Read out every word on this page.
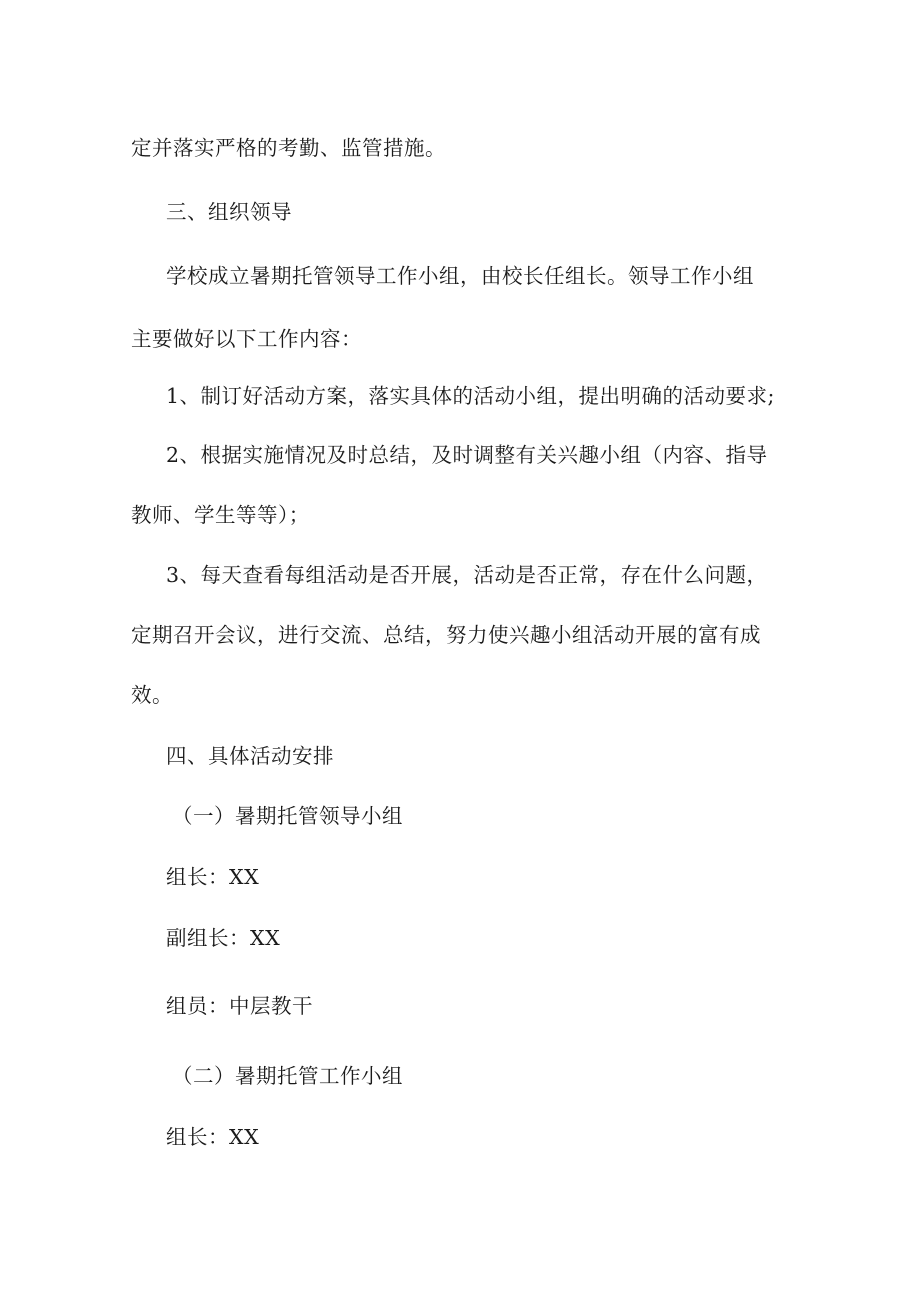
定并落实严格的考勤、监管措施。
三、组织领导
学校成立暑期托管领导工作小组，由校长任组长。领导工作小组
主要做好以下工作内容：
1、制订好活动方案，落实具体的活动小组，提出明确的活动要求;
2、根据实施情况及时总结，及时调整有关兴趣小组（内容、指导
教师、学生等等）；
3、每天查看每组活动是否开展，活动是否正常，存在什么问题，
定期召开会议，进行交流、总结，努力使兴趣小组活动开展的富有成
效。
四、具体活动安排
（一）暑期托管领导小组
组长：XX
副组长：XX
组员：中层教干
（二）暑期托管工作小组
组长：XX
